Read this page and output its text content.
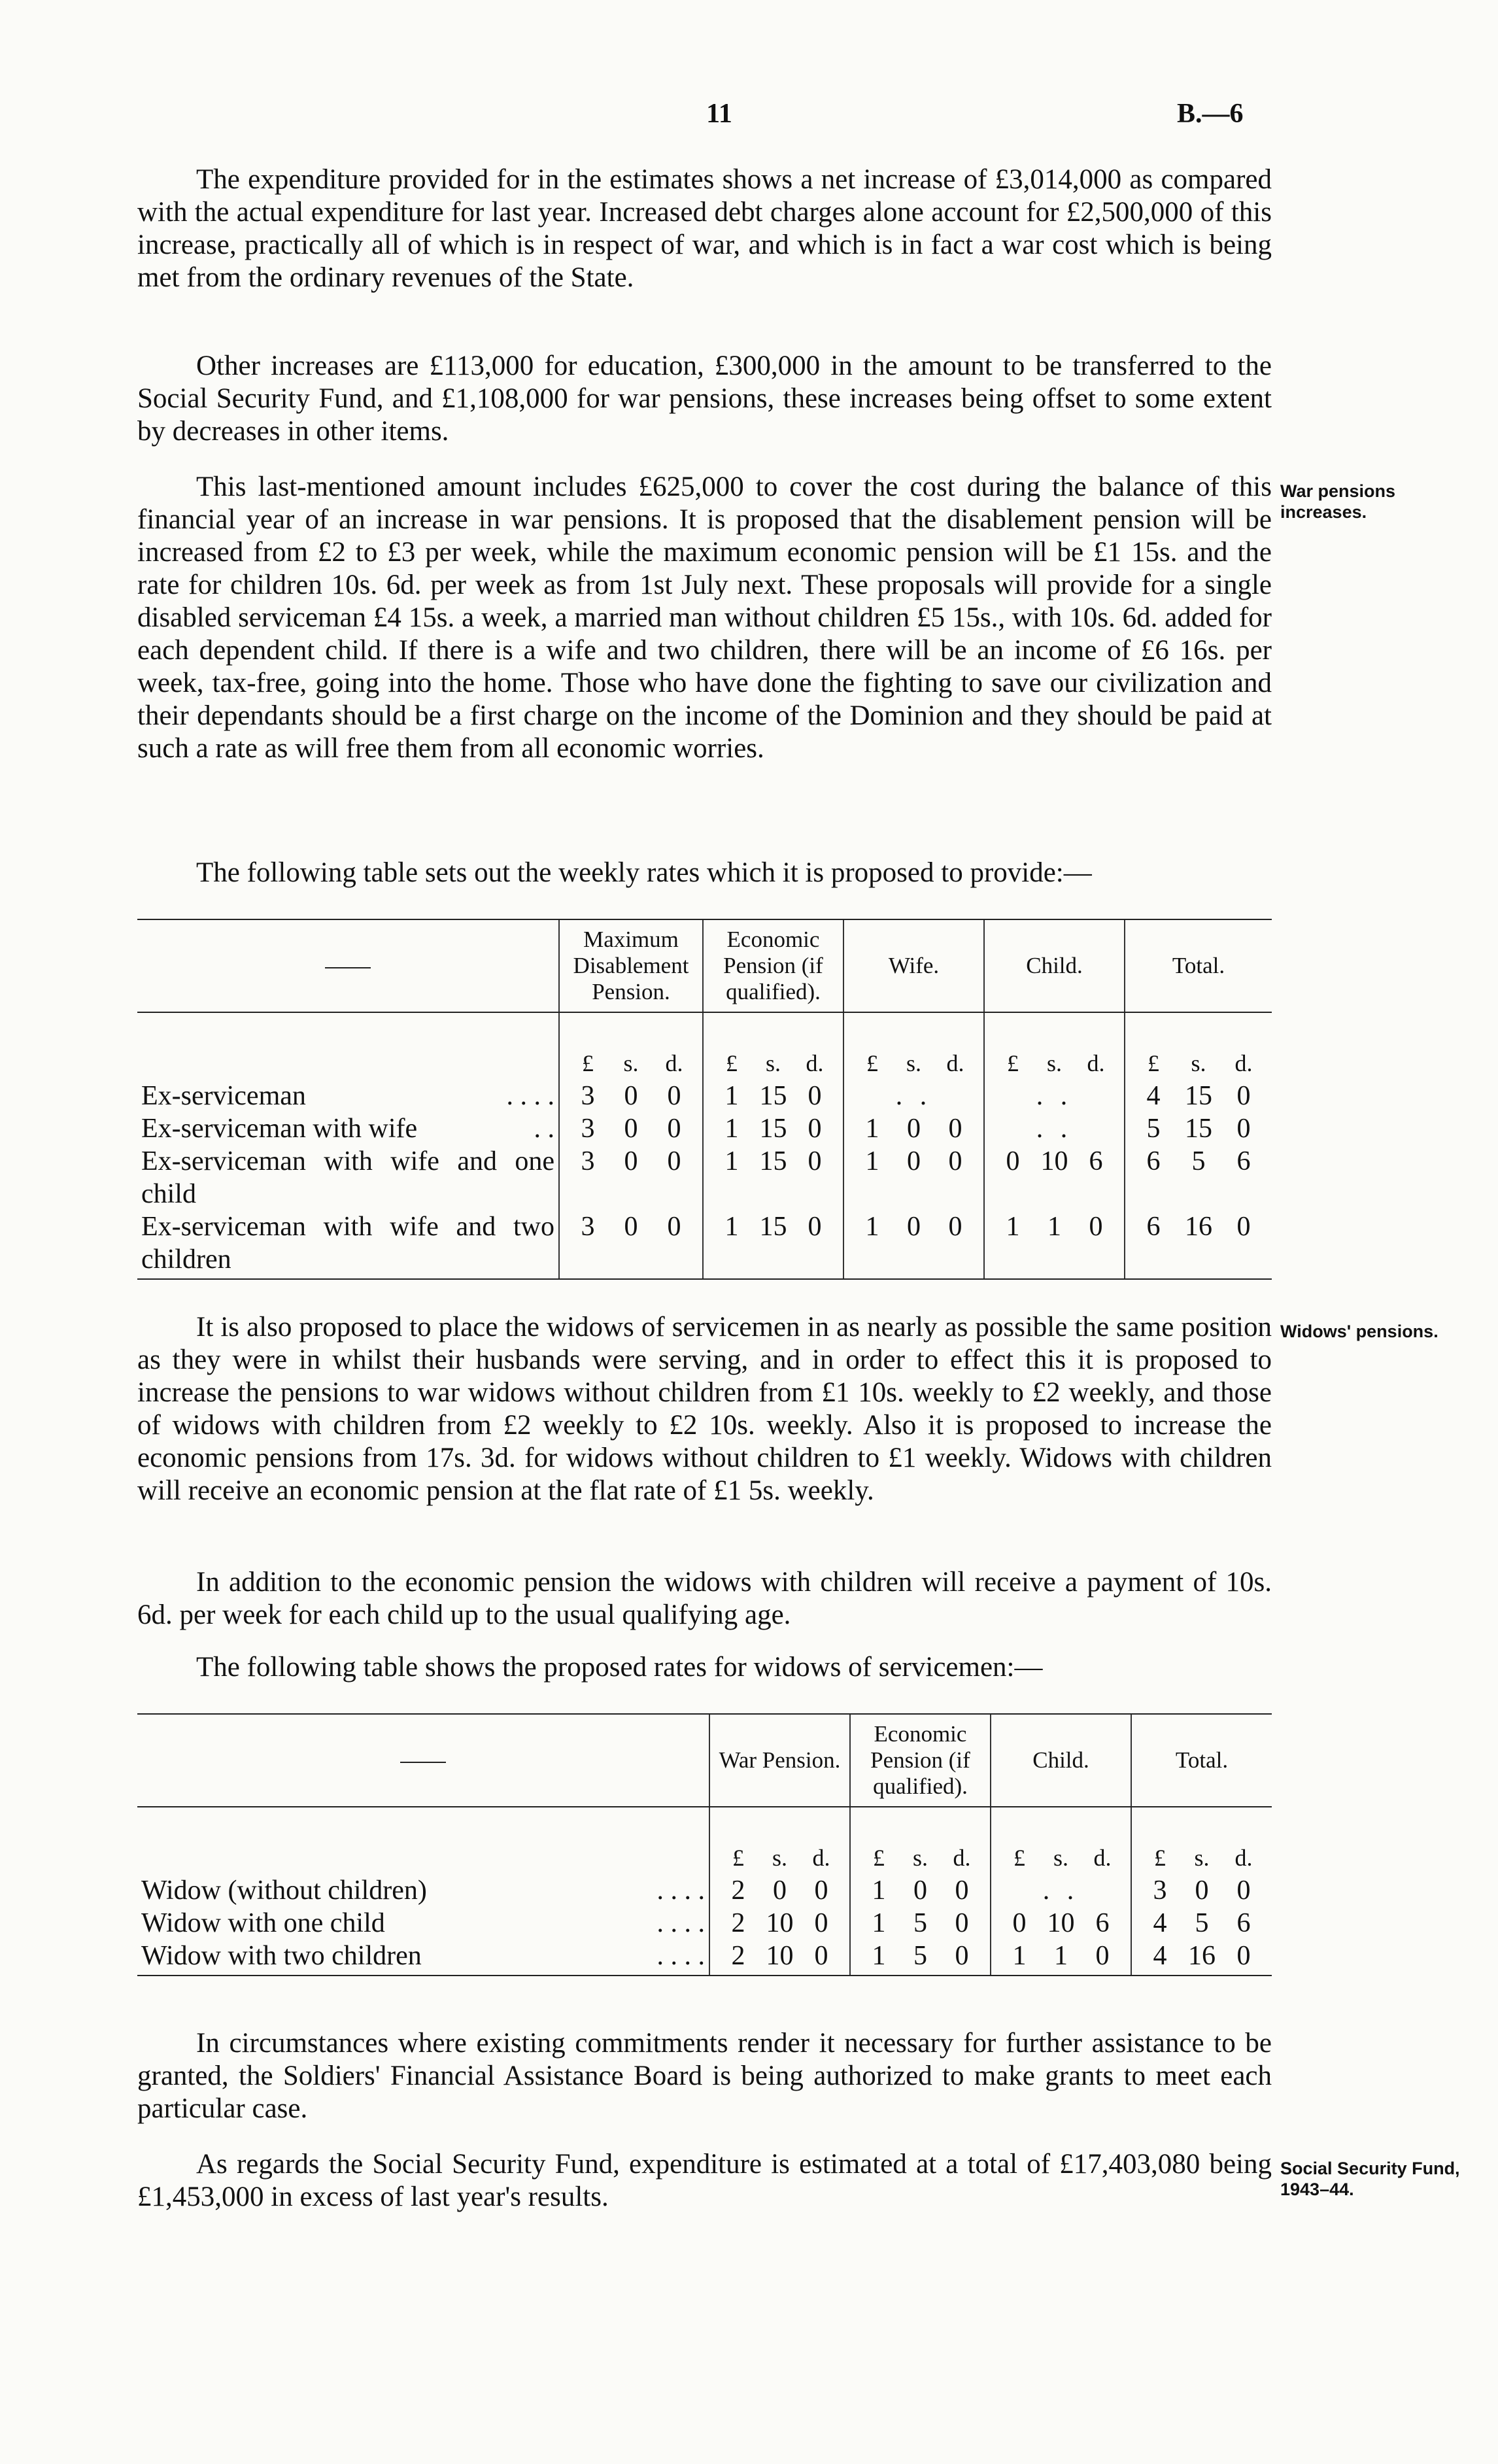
11	B.—6

The expenditure provided for in the estimates shows a net increase of £3,014,000 as compared with the actual expenditure for last year. Increased debt charges alone account for £2,500,000 of this increase, practically all of which is in respect of war, and which is in fact a war cost which is being met from the ordinary revenues of the State.

Other increases are £113,000 for education, £300,000 in the amount to be transferred to the Social Security Fund, and £1,108,000 for war pensions, these increases being offset to some extent by decreases in other items.

This last-mentioned amount includes £625,000 to cover the cost during the balance of this financial year of an increase in war pensions. It is proposed that the disablement pension will be increased from £2 to £3 per week, while the maximum economic pension will be £1 15s. and the rate for children 10s. 6d. per week as from 1st July next. These proposals will provide for a single disabled serviceman £4 15s. a week, a married man without children £5 15s., with 10s. 6d. added for each dependent child. If there is a wife and two children, there will be an income of £6 16s. per week, tax-free, going into the home. Those who have done the fighting to save our civilization and their dependants should be a first charge on the income of the Dominion and they should be paid at such a rate as will free them from all economic worries.

War pensions increases.

The following table sets out the weekly rates which it is proposed to provide:—

	Maximum Disablement Pension.	Economic Pension (if qualified).	Wife.	Child.	Total.

	£ s. d.	£ s. d.	£ s. d.	£ s. d.	£ s. d.

Ex-serviceman . . . .	3 0 0	1 15 0	. .	. .	4 15 0

Ex-serviceman with wife . .	3 0 0	1 15 0	1 0 0	. .	5 15 0

Ex-serviceman with wife and one child	3 0 0	1 15 0	1 0 0	0 10 6	6 5 6

Ex-serviceman with wife and two children	3 0 0	1 15 0	1 0 0	1 1 0	6 16 0

It is also proposed to place the widows of servicemen in as nearly as possible the same position as they were in whilst their husbands were serving, and in order to effect this it is proposed to increase the pensions to war widows without children from £1 10s. weekly to £2 weekly, and those of widows with children from £2 weekly to £2 10s. weekly. Also it is proposed to increase the economic pensions from 17s. 3d. for widows without children to £1 weekly. Widows with children will receive an economic pension at the flat rate of £1 5s. weekly.

Widows' pensions.

In addition to the economic pension the widows with children will receive a payment of 10s. 6d. per week for each child up to the usual qualifying age.

The following table shows the proposed rates for widows of servicemen:—

	War Pension.	Economic Pension (if qualified).	Child.	Total.

	£ s. d.	£ s. d.	£ s. d.	£ s. d.

Widow (without children) . . . .	2 0 0	1 0 0	. .	3 0 0

Widow with one child . . . .	2 10 0	1 5 0	0 10 6	4 5 6

Widow with two children . . . .	2 10 0	1 5 0	1 1 0	4 16 0

In circumstances where existing commitments render it necessary for further assistance to be granted, the Soldiers' Financial Assistance Board is being authorized to make grants to meet each particular case.

As regards the Social Security Fund, expenditure is estimated at a total of £17,403,080 being £1,453,000 in excess of last year's results.

Social Security Fund, 1943–44.
